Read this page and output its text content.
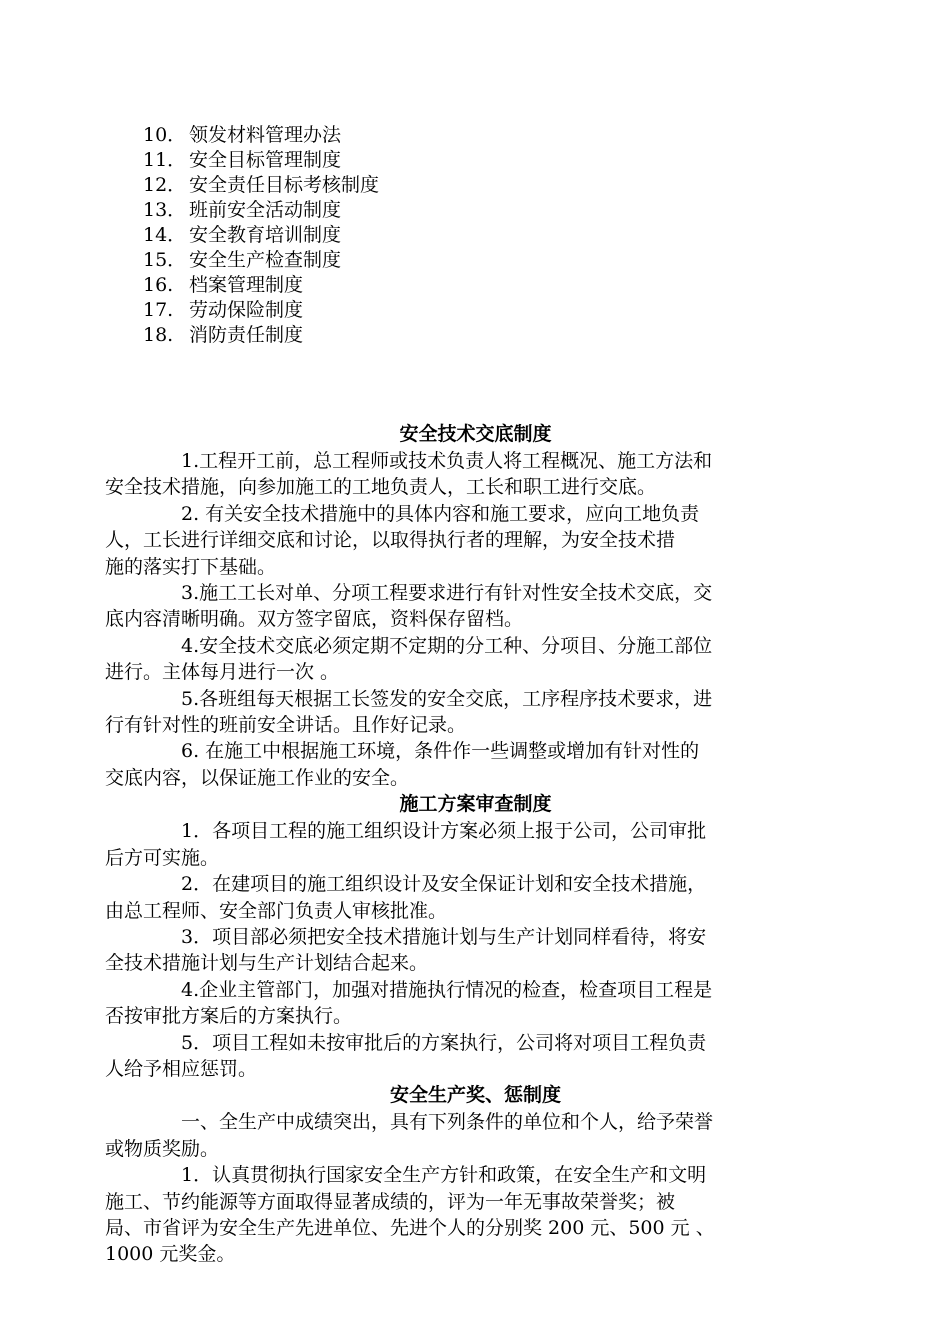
10． 领发材料管理办法
11． 安全目标管理制度
12． 安全责任目标考核制度
13． 班前安全活动制度
14． 安全教育培训制度
15． 安全生产检查制度
16. 档案管理制度
17. 劳动保险制度
18. 消防责任制度
安全技术交底制度
1.工程开工前，总工程师或技术负责人将工程概况、施工方法和
安全技术措施，向参加施工的工地负责人，工长和职工进行交底。
2. 有关安全技术措施中的具体内容和施工要求，应向工地负责
人，工长进行详细交底和讨论，以取得执行者的理解，为安全技术措
施的落实打下基础。
3.施工工长对单、分项工程要求进行有针对性安全技术交底，交
底内容清晰明确。双方签字留底，资料保存留档。
4.安全技术交底必须定期不定期的分工种、分项目、分施工部位
进行。主体每月进行一次 。
5.各班组每天根据工长签发的安全交底，工序程序技术要求，进
行有针对性的班前安全讲话。且作好记录。
6. 在施工中根据施工环境，条件作一些调整或增加有针对性的
交底内容，以保证施工作业的安全。
施工方案审查制度
1．各项目工程的施工组织设计方案必须上报于公司，公司审批
后方可实施。
2．在建项目的施工组织设计及安全保证计划和安全技术措施，
由总工程师、安全部门负责人审核批准。
3．项目部必须把安全技术措施计划与生产计划同样看待，将安
全技术措施计划与生产计划结合起来。
4.企业主管部门，加强对措施执行情况的检查，检查项目工程是
否按审批方案后的方案执行。
5．项目工程如未按审批后的方案执行，公司将对项目工程负责
人给予相应惩罚。
安全生产奖、惩制度
一、全生产中成绩突出，具有下列条件的单位和个人，给予荣誉
或物质奖励。
1．认真贯彻执行国家安全生产方针和政策，在安全生产和文明
施工、节约能源等方面取得显著成绩的，评为一年无事故荣誉奖；被
局、市省评为安全生产先进单位、先进个人的分别奖 200 元、500 元 、
1000 元奖金。
